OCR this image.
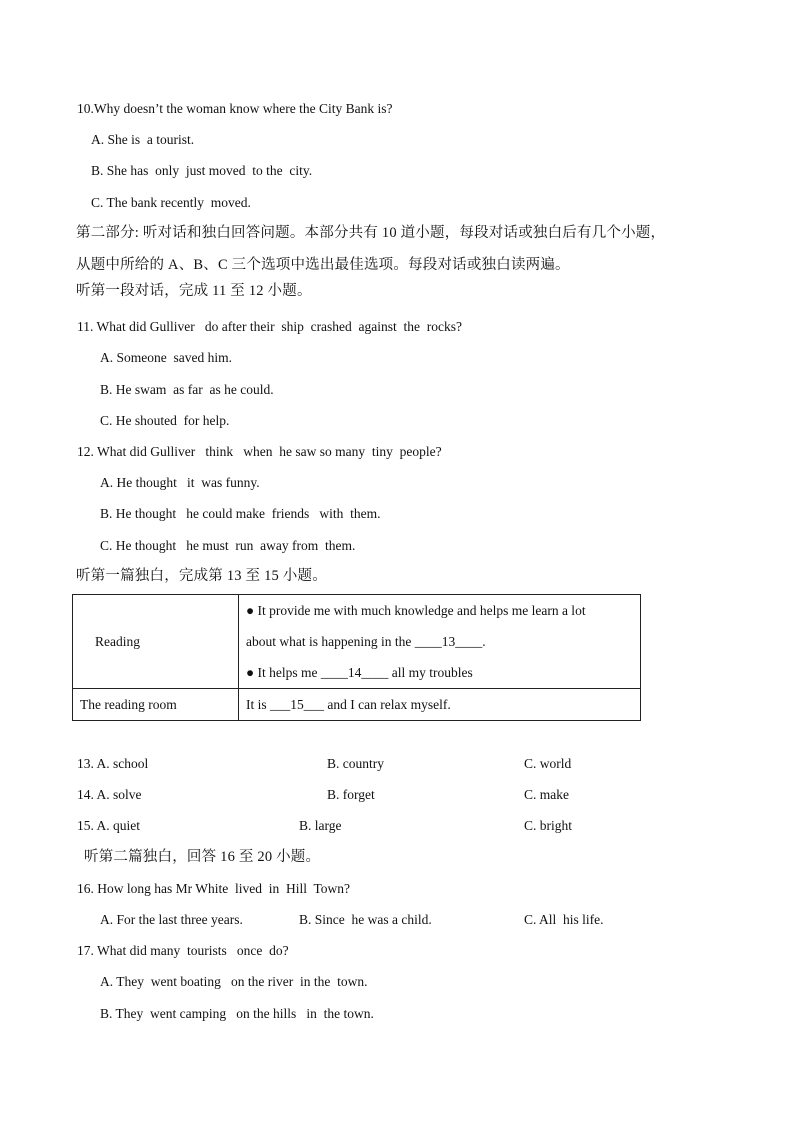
10.Why doesn’t the woman know where the City Bank is?
A. She is  a tourist.
B. She has  only  just moved  to the  city.
C. The bank recently  moved.
第二部分: 听对话和独白回答问题。本部分共有 10 道小题，每段对话或独白后有几个小题，
从题中所给的 A、B、C 三个选项中选出最佳选项。每段对话或独白读两遍。
听第一段对话，完成 11 至 12 小题。
11. What did Gulliver   do after their  ship  crashed  against  the  rocks?
A. Someone  saved him.
B. He swam  as far  as he could.
C. He shouted  for help.
12. What did Gulliver   think   when  he saw so many  tiny  people?
A. He thought   it  was funny.
B. He thought   he could make  friends   with  them.
C. He thought   he must  run  away from  them.
听第一篇独白，完成第 13 至 15 小题。
Reading	● It provide me with much knowledge and helps me learn a lot
about what is happening in the ____13____.
● It helps me ____14____ all my troubles

The reading room	It is ___15___ and I can relax myself.
13. A. school	B. country	C. world
14. A. solve	B. forget	C. make
15. A. quiet	B. large	C. bright
听第二篇独白，回答 16 至 20 小题。
16. How long has Mr White  lived  in  Hill  Town?
A. For the last three years.	B. Since  he was a child.	C. All  his life.
17. What did many  tourists   once  do?
A. They  went boating   on the river  in the  town.
B. They  went camping   on the hills   in  the town.
